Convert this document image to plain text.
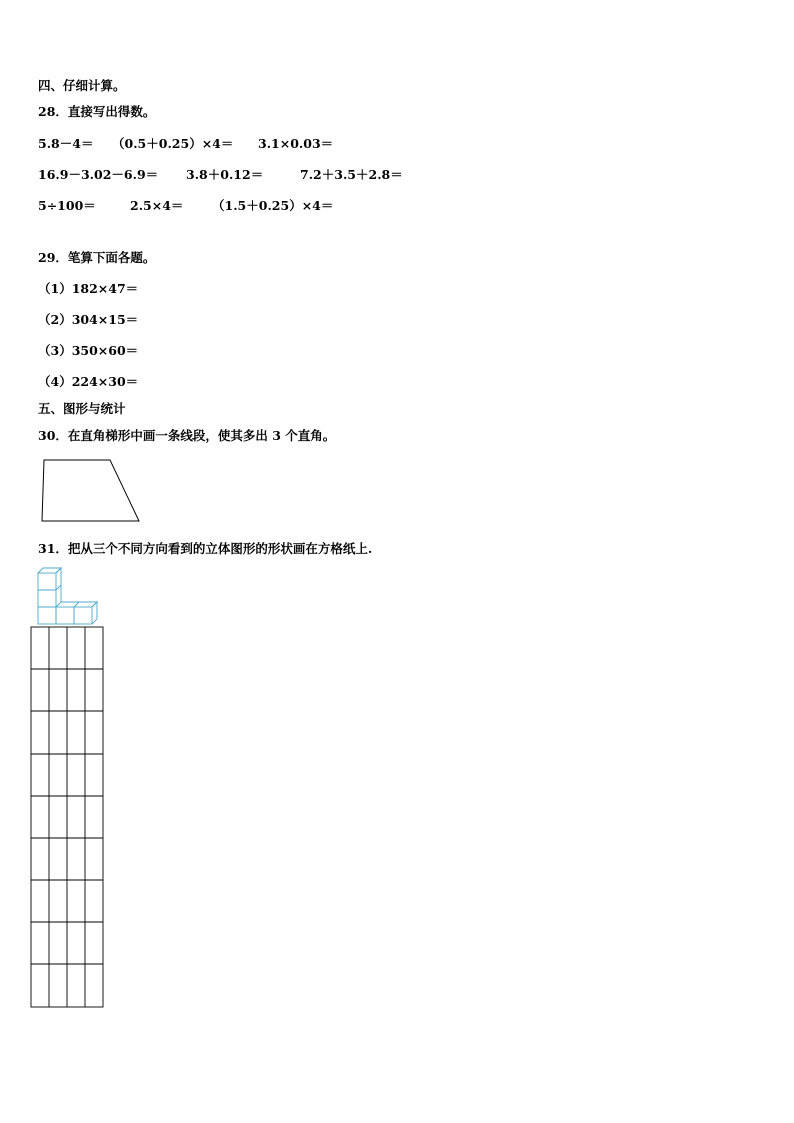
四、仔细计算。
28．直接写出得数。
5.8－4＝ （0.5＋0.25）×4＝ 3.1×0.03＝
16.9－3.02－6.9＝ 3.8＋0.12＝	7.2＋3.5＋2.8＝
5÷100＝	2.5×4＝ （1.5＋0.25）×4＝
29．笔算下面各题。
（1）182×47＝
（2）304×15＝
（3）350×60＝
（4）224×30＝
五、图形与统计
30．在直角梯形中画一条线段，使其多出 3 个直角。
31．把从三个不同方向看到的立体图形的形状画在方格纸上.
